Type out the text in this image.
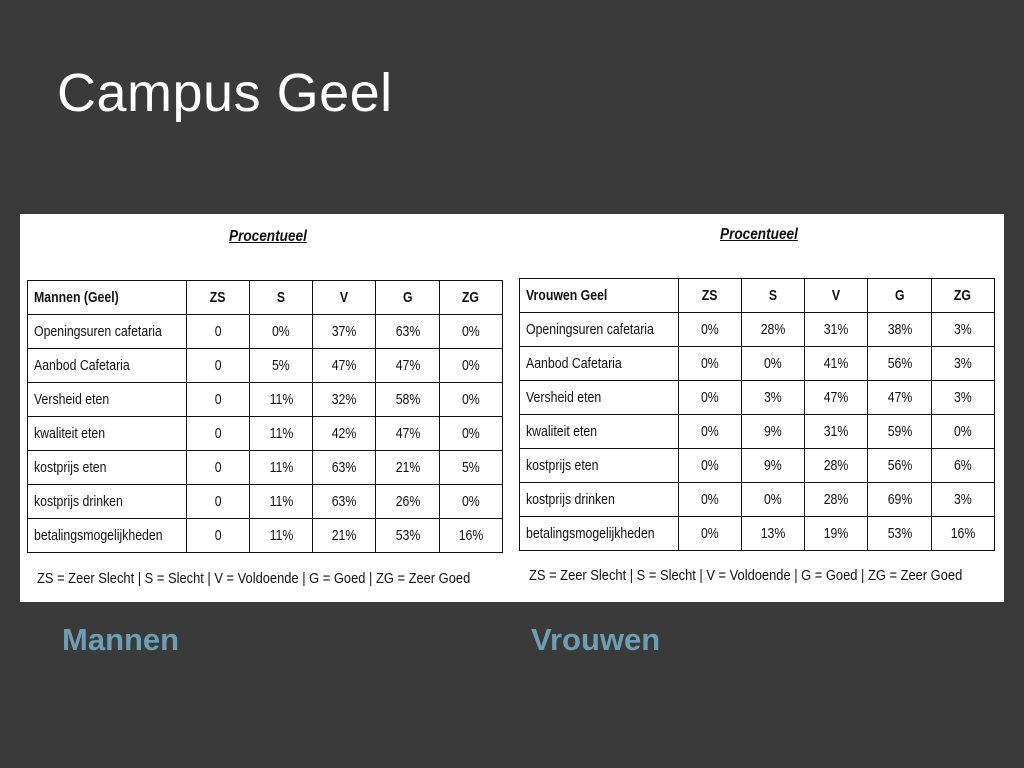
Campus Geel
Procentueel
Mannen (Geel)	ZS	S	V	G	ZG
Openingsuren cafetaria	0	0%	37%	63%	0%
Aanbod Cafetaria	0	5%	47%	47%	0%
Versheid eten	0	11%	32%	58%	0%
kwaliteit eten	0	11%	42%	47%	0%
kostprijs eten	0	11%	63%	21%	5%
kostprijs drinken	0	11%	63%	26%	0%
betalingsmogelijkheden	0	11%	21%	53%	16%
ZS = Zeer Slecht | S = Slecht | V = Voldoende | G = Goed | ZG = Zeer Goed
Procentueel
Vrouwen Geel	ZS	S	V	G	ZG
Openingsuren cafetaria	0%	28%	31%	38%	3%
Aanbod Cafetaria	0%	0%	41%	56%	3%
Versheid eten	0%	3%	47%	47%	3%
kwaliteit eten	0%	9%	31%	59%	0%
kostprijs eten	0%	9%	28%	56%	6%
kostprijs drinken	0%	0%	28%	69%	3%
betalingsmogelijkheden	0%	13%	19%	53%	16%
ZS = Zeer Slecht | S = Slecht | V = Voldoende | G = Goed | ZG = Zeer Goed
Mannen	Vrouwen
